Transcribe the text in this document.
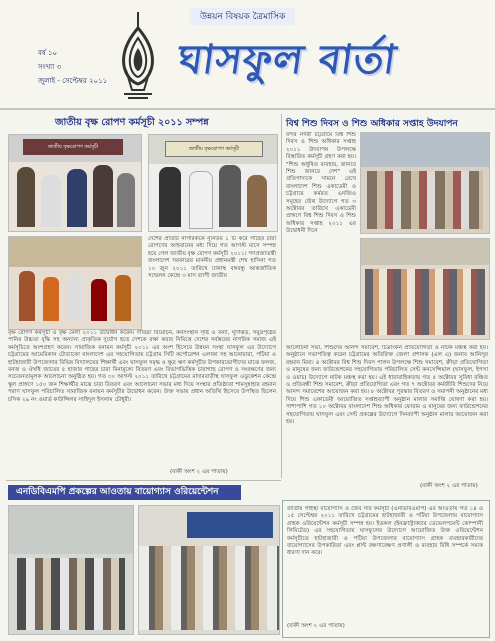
বর্ষ ১০
সংখ্যা ৩
জুলাই - সেপ্টেম্বর ২০১১
উন্নয়ন বিষয়ক ত্রৈমাসিক
ঘাসফুল বার্তা
জাতীয় বৃক্ষ রোপণ কর্মসূচী ২০১১ সম্পন্ন
জাতীয় বৃক্ষরোপণ কর্মসূচী	জাতীয় বৃক্ষরোপণ কর্মসূচী
দেশের প্রতিটি নাগরিককে ন্যূনতম ১ টি করে গাছের চারা রোপণের আহবানের মধ্য দিয়ে গত আগস্ট মাসে সম্পন্ন হয়ে গেল জাতীয় বৃক্ষ রোপণ কর্মসূচী ২০১১। গণপ্রজাতন্ত্রী বাংলাদেশ সরকারের মাননীয় প্রধানমন্ত্রী শেখ হাসিনা গত ১০ জুন ২০১১ তারিখে ঢাকাস্থ বঙ্গবন্ধু আন্তর্জাতিক সম্মেলন কেন্দ্রে ৩ মাস ব্যাপী জাতীয়
বৃক্ষ রোপণ কর্মসূচী ও বৃক্ষ মেলা ২০১১ উদ্বোধন করেন। দারিদ্র্য বিমোচন, কর্মসংস্থান সৃষ্টি ও বন্যা, ঘূর্ণিঝড়, সমুদ্রপৃষ্ঠের পানির উচ্চতা বৃদ্ধি সহ অন্যান্য প্রাকৃতিক দুর্যোগ হতে দেশকে রক্ষা করার নিমিত্তে দেশের সর্বস্তরের নাগরিক সমাজ এই কর্মসূচিতে অংশগ্রহণ করেন। সামাজিক বনায়ন কর্মসূচী ২০১১ এর অংশ হিসেবে উন্নয়ন সংস্থা ঘাসফুল এর উদ্যোগে চট্টগ্রামের আমেরিকান টোব্যাকো বাংলাদেশ এর সহযোগিতায় চট্টগ্রাম সিটি কর্পোরেশন এলাকা সহ আনোয়ারা, পটিয়া ও হাটহাজারী উপজেলার বিভিন্ন বিদ্যালয়ের শিক্ষার্থী এবং ঘাসফুল সমৃদ্ধ ও ক্ষুদ্র ঋণ কর্মসূচীর উপকারভোগীদের মাঝে ফলজ, বনজ ও ঔষধি জাতের ৫ হাজার গাছের চারা বিনামূল্যে বিতরণ এবং বিভাগভিত্তিক চারাগাছ রোপণ ও সংরক্ষণের জন্য সচেতনতামূলক আলোচনা অনুষ্ঠিত হয়। গত ৩০ আগস্ট ২০১১ তারিখে চট্টগ্রামের মাদারবাড়ীস্থ ঘাসফুল এডুকেশন কেন্দ্রে স্কুল প্রাঙ্গণে ১৫০ জন শিক্ষার্থীর মাঝে চারা বিতরণ এবং আলোচনা সভার মধ্য দিয়ে সংস্থার প্রতিষ্ঠাতা শামসুন্নাহার রহমান পরাণ ঘাসফুল পরিচালিত সামাজিক বনায়ন কর্মসূচীর উদ্বোধন করেন। উক্ত সভায় প্রধান অতিথি হিসেবে উপস্থিত ছিলেন চসিক ২৯ নং ওয়ার্ড কাউন্সিলর সাহিদুল ইসলাম চৌধুরী।
(বাকী অংশ ২ এর পাতায়)
বিশ্ব শিশু দিবস ও শিশু অধিকার সপ্তাহ উদযাপন
বন্দর নগরী চট্টগ্রামে বিশ্ব শিশু দিবস ও শিশু অধিকার সপ্তাহ ২০১১ উদযাপন উপলক্ষে বিস্তারিত কর্মসূচী গ্রহণ করা হয়। "শিশু অধুষিত ব্যবহার, জানবে শিশু জানবে দেশ" এই প্রতিপাদ্যকে সামনে রেখে বাংলাদেশ শিশু একাডেমী ও চট্টগ্রামে কর্মরত এনজিও সমূহের যৌথ উদ্যোগে গত ৩ অক্টোবর তারিখে একাডেমী প্রাঙ্গণে বিশ্ব শিশু দিবস ও শিশু অধিকার সপ্তাহ ২০১১ এর উদ্বোধনী দিনে
আলোচনা সভা, শিশুদের আনন্দ সমাবেশ, চিত্রাংকন প্রতিযোগিতা ও নাটক মঞ্চস্থ করা হয়। অনুষ্ঠানে সভাপতিত্ব করেন চট্টগ্রামের অতিরিক্ত জেলা প্রশাসক (এল এ) জনাব আনিসুর রহমান মিয়া। ৪ অক্টোবর বিশ্ব শিশু দিবস পালন উপলক্ষে শিশু সমাবেশ, ক্রীড়া প্রতিযোগিতা ও মানুষের জন্য ফাউন্ডেশনের সহযোগিতায় পরিচালিত সেন্ট কনসেন্সিয়াল (ঘাসফুল, ইপসা ও ওয়াচ) উদ্যোগে নাটক মঞ্চস্থ করা হয়। এই ধারাবাহিকতায় গত ৫ অক্টোবর সুবিধা বঞ্চিত ও প্রতিবন্ধী শিশু সমাবেশ, ক্রীড়া প্রতিযোগিতা এবং গত ৭ অক্টোবর কর্মজীবি শিশুদের নিয়ে আনন্দ সমাবেশের আয়োজন করা হয়। ৮ অক্টোবর পুরস্কার বিতরণ ও সমাপনী অনুষ্ঠানের মধ্য দিয়ে শিশু একাডেমী আয়োজিত সপ্তাহব্যাপী অনুষ্ঠান মালার সমাপ্তি ঘোষণা করা হয়। পাশাপাশি গত ১০ অক্টোবর বাংলাদেশ শিশু অধিকার ফোরাম ও মানুষের জন্য ফাউন্ডেশনের সহযোগিতায় ঘাসফুল এবং সেন্ট প্রকল্পের উদ্যোগে দিনব্যাপী অনুষ্ঠান মালার আয়োজন করা হয়।
(বাকী অংশ ২ এর পাতায়)
এনডিবিএমপি প্রকল্পের আওতায় বায়োগ্যাস ওরিয়েন্টেশন
জাতীয় গার্হস্থ্য বায়োগ্যাস ও জৈব সার কর্মসূচী (এনডিবিএমপি) এর আওতায় গত ১৪ ও ১৫ সেপ্টেম্বর ২০১১ তারিখে চট্টগ্রামের হাটহাজারী ও পটিয়া উপজেলায় বায়োগ্যাস গ্রাহক ওরিয়েন্টেশন কর্মসূচী সম্পন্ন হয়। ইডকল (ইনফ্রাস্ট্রাকচার ডেভেলপমেন্ট কোম্পানী লিমিটেড) এর সহযোগিতায় ঘাসফুলের উদ্যোগে আয়োজিত উক্ত ওরিয়েন্টেশন কর্মসূচীতে হাটহাজারী ও পটিয়া উপজেলার বায়োগ্যাস গ্রাহক ব্যবহারকারীদের বায়োগ্যাসের উপকারিতা এবং প্লান্ট রক্ষণাবেক্ষণ প্রণালী ও ব্যবহার বিধি সম্পর্কে সম্যক ধারণা দান করে।
(বাকী অংশ ২ এর পাতায়)
